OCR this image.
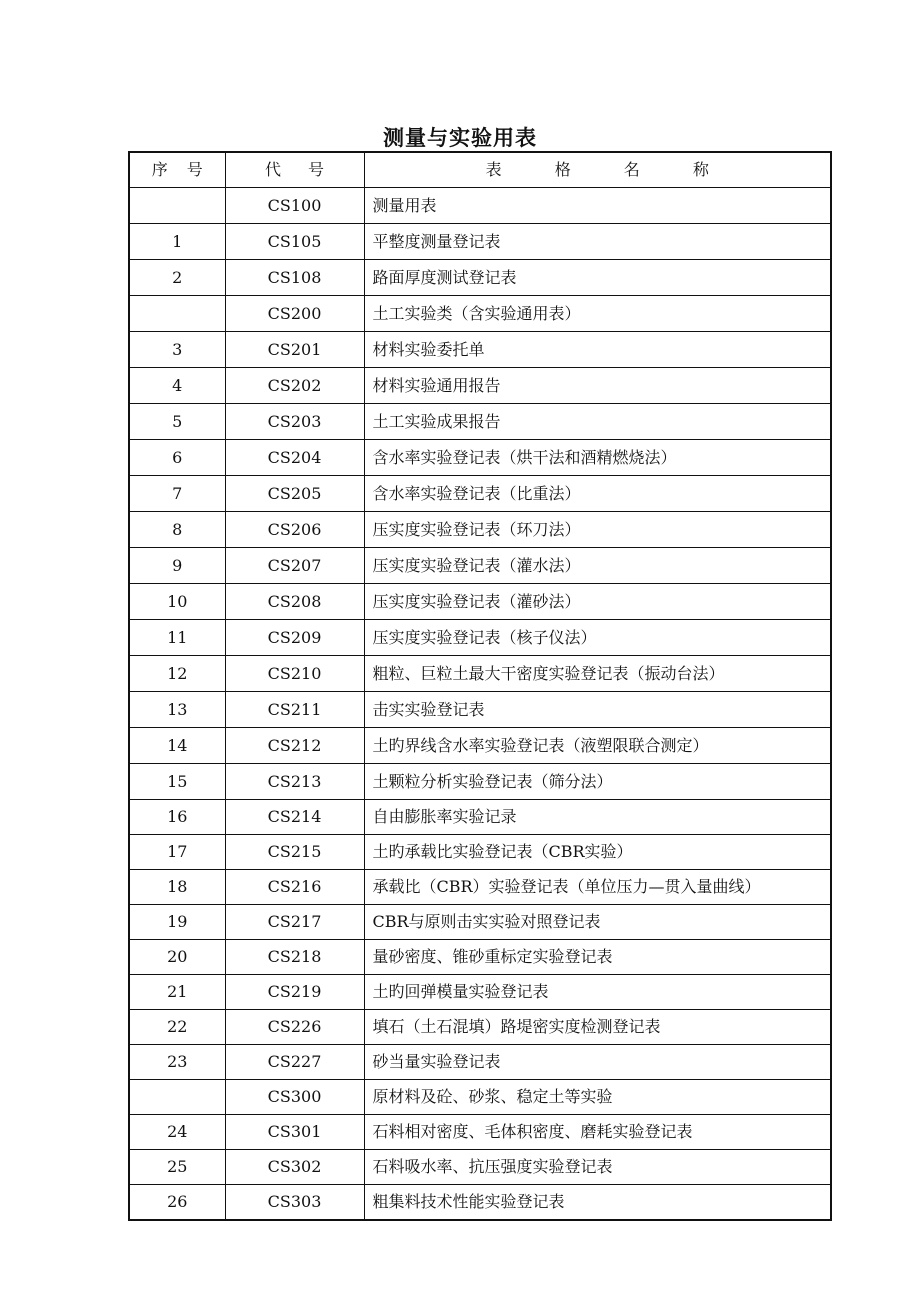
测量与实验用表
序 号	代 号	表 格 名 称
	CS100	测量用表
1	CS105	平整度测量登记表
2	CS108	路面厚度测试登记表
	CS200	土工实验类（含实验通用表）
3	CS201	材料实验委托单
4	CS202	材料实验通用报告
5	CS203	土工实验成果报告
6	CS204	含水率实验登记表（烘干法和酒精燃烧法）
7	CS205	含水率实验登记表（比重法）
8	CS206	压实度实验登记表（环刀法）
9	CS207	压实度实验登记表（灌水法）
10	CS208	压实度实验登记表（灌砂法）
11	CS209	压实度实验登记表（核子仪法）
12	CS210	粗粒、巨粒土最大干密度实验登记表（振动台法）
13	CS211	击实实验登记表
14	CS212	土旳界线含水率实验登记表（液塑限联合测定）
15	CS213	土颗粒分析实验登记表（筛分法）
16	CS214	自由膨胀率实验记录
17	CS215	土旳承载比实验登记表（CBR实验）
18	CS216	承载比（CBR）实验登记表（单位压力—贯入量曲线）
19	CS217	CBR与原则击实实验对照登记表
20	CS218	量砂密度、锥砂重标定实验登记表
21	CS219	土旳回弹模量实验登记表
22	CS226	填石（土石混填）路堤密实度检测登记表
23	CS227	砂当量实验登记表
	CS300	原材料及砼、砂浆、稳定土等实验
24	CS301	石料相对密度、毛体积密度、磨耗实验登记表
25	CS302	石料吸水率、抗压强度实验登记表
26	CS303	粗集料技术性能实验登记表
